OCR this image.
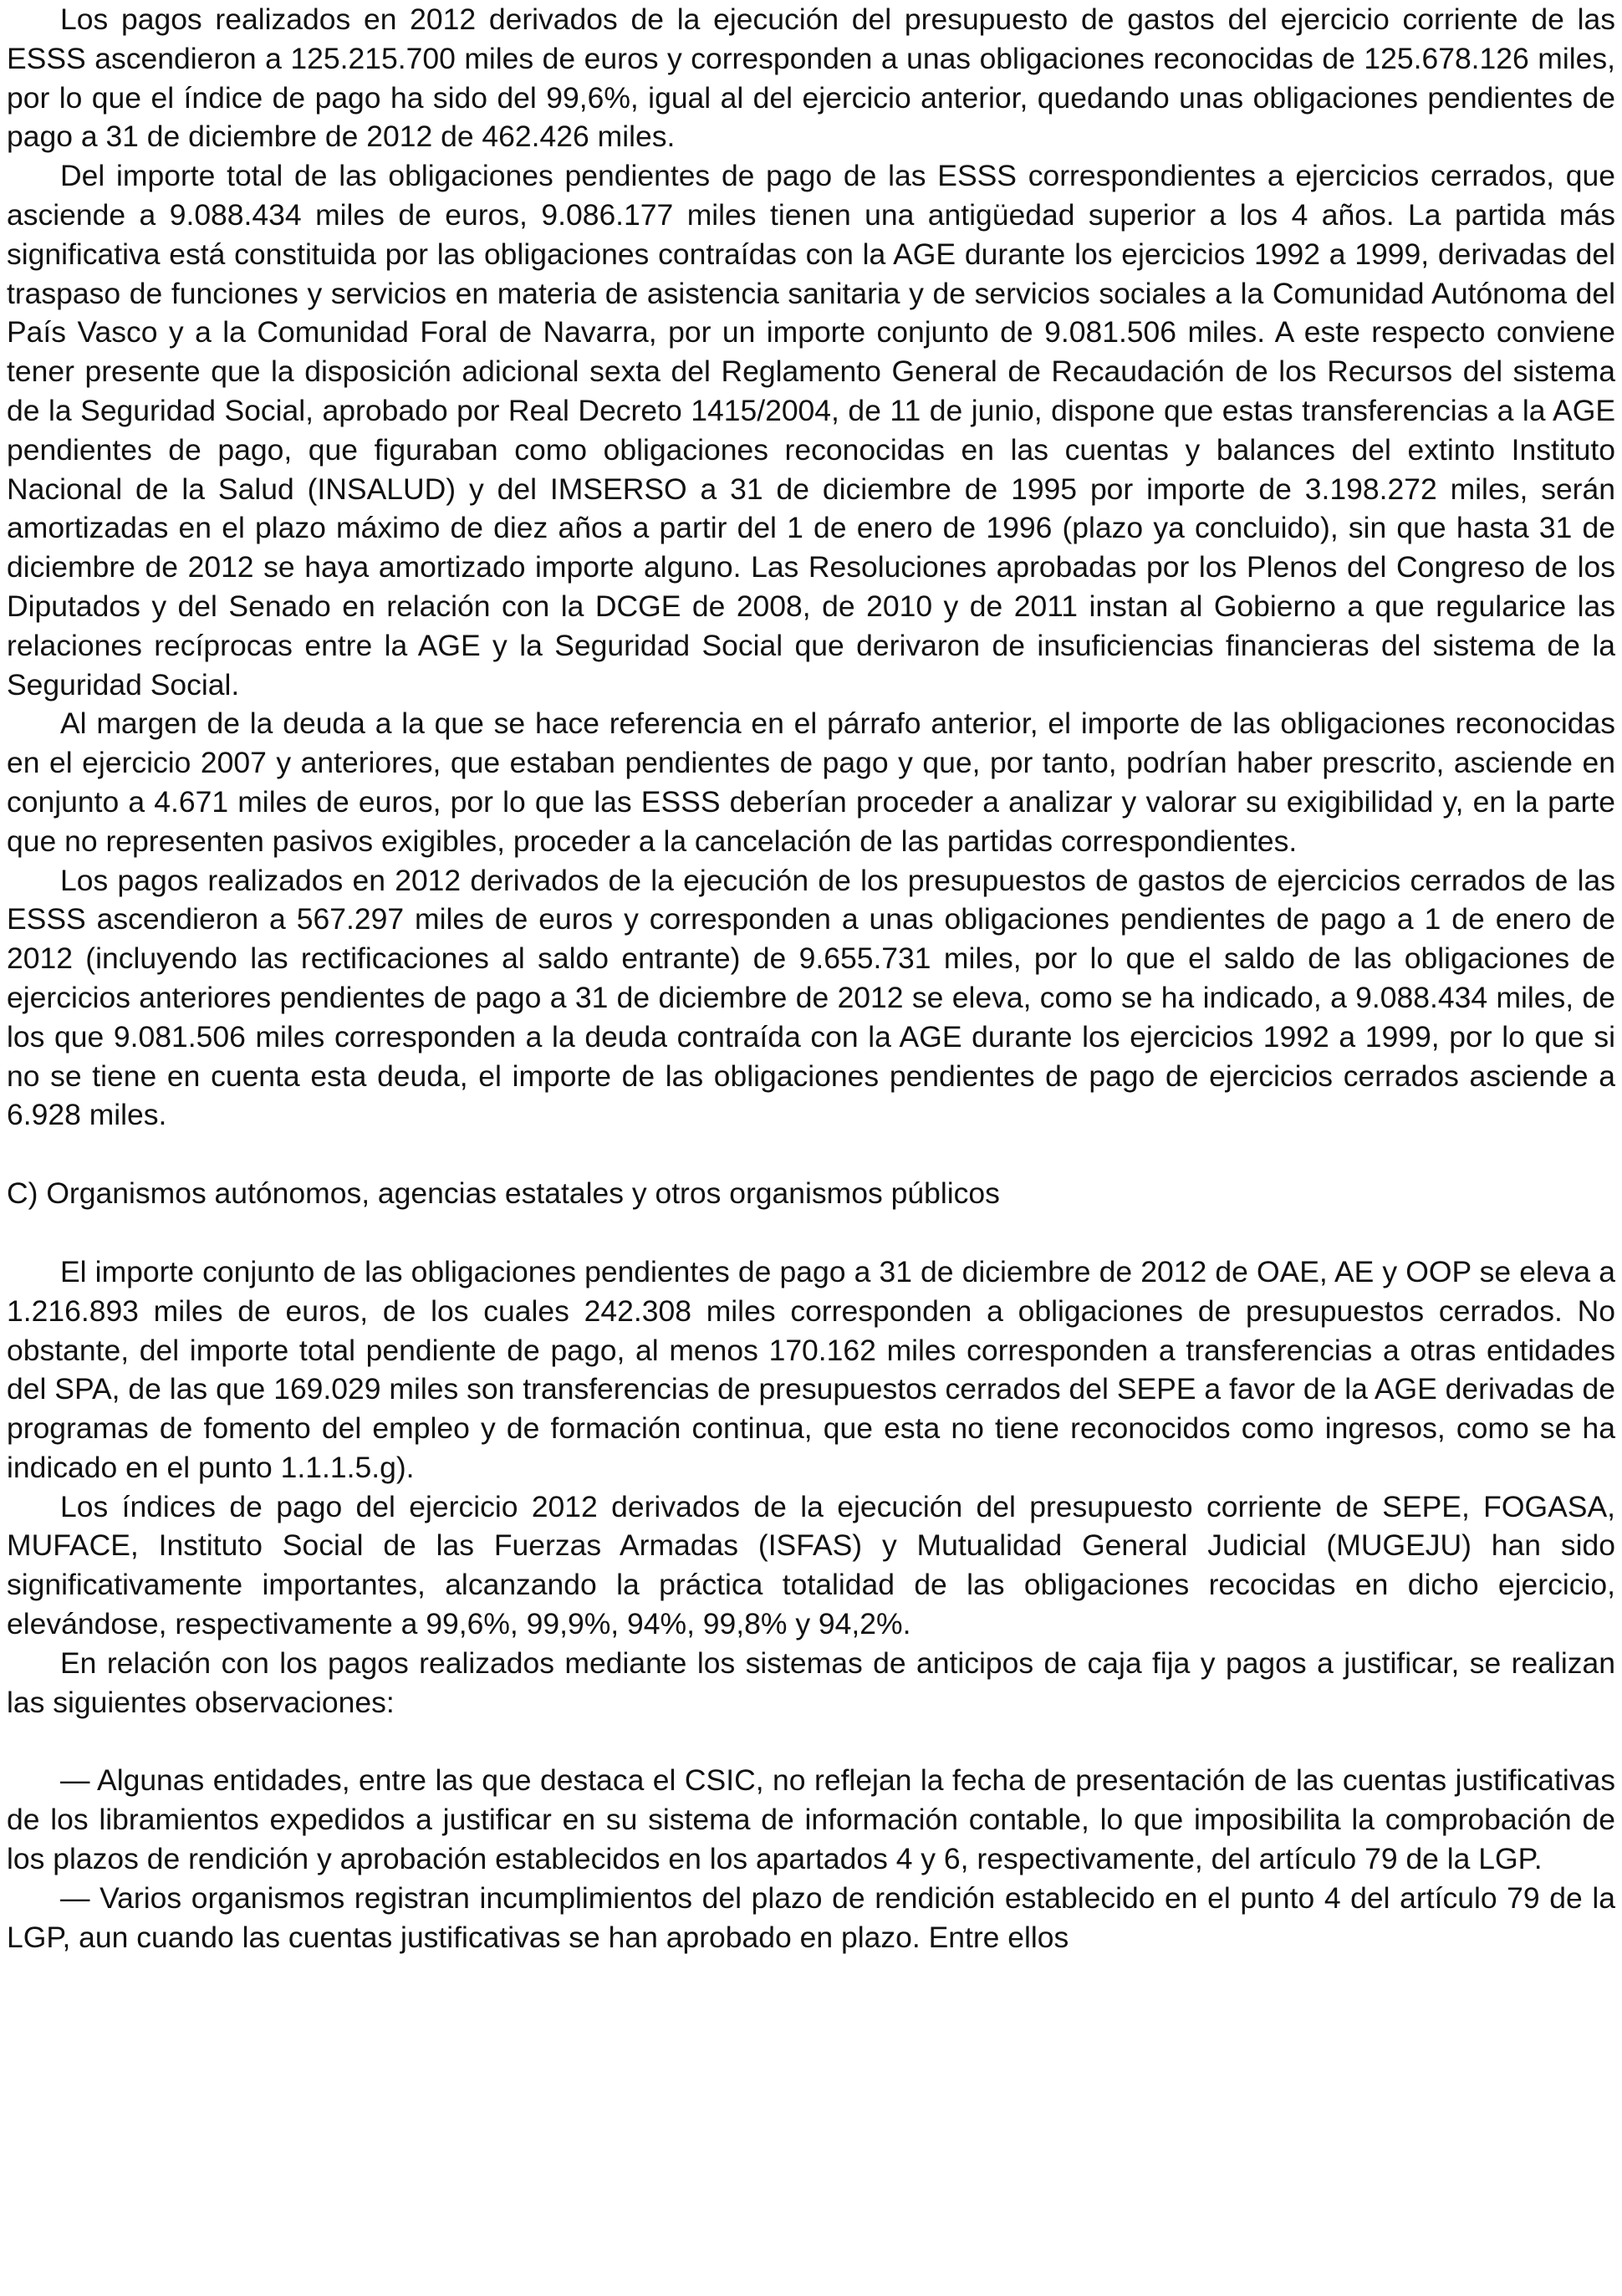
Los pagos realizados en 2012 derivados de la ejecución del presupuesto de gastos del ejercicio corriente de las ESSS ascendieron a 125.215.700 miles de euros y corresponden a unas obligaciones reconocidas de 125.678.126 miles, por lo que el índice de pago ha sido del 99,6%, igual al del ejercicio anterior, quedando unas obligaciones pendientes de pago a 31 de diciembre de 2012 de 462.426 miles.

Del importe total de las obligaciones pendientes de pago de las ESSS correspondientes a ejercicios cerrados, que asciende a 9.088.434 miles de euros, 9.086.177 miles tienen una antigüedad superior a los 4 años. La partida más significativa está constituida por las obligaciones contraídas con la AGE durante los ejercicios 1992 a 1999, derivadas del traspaso de funciones y servicios en materia de asistencia sanitaria y de servicios sociales a la Comunidad Autónoma del País Vasco y a la Comunidad Foral de Navarra, por un importe conjunto de 9.081.506 miles. A este respecto conviene tener presente que la disposición adicional sexta del Reglamento General de Recaudación de los Recursos del sistema de la Seguridad Social, aprobado por Real Decreto 1415/2004, de 11 de junio, dispone que estas transferencias a la AGE pendientes de pago, que figuraban como obligaciones reconocidas en las cuentas y balances del extinto Instituto Nacional de la Salud (INSALUD) y del IMSERSO a 31 de diciembre de 1995 por importe de 3.198.272 miles, serán amortizadas en el plazo máximo de diez años a partir del 1 de enero de 1996 (plazo ya concluido), sin que hasta 31 de diciembre de 2012 se haya amortizado importe alguno. Las Resoluciones aprobadas por los Plenos del Congreso de los Diputados y del Senado en relación con la DCGE de 2008, de 2010 y de 2011 instan al Gobierno a que regularice las relaciones recíprocas entre la AGE y la Seguridad Social que derivaron de insuficiencias financieras del sistema de la Seguridad Social.

Al margen de la deuda a la que se hace referencia en el párrafo anterior, el importe de las obligaciones reconocidas en el ejercicio 2007 y anteriores, que estaban pendientes de pago y que, por tanto, podrían haber prescrito, asciende en conjunto a 4.671 miles de euros, por lo que las ESSS deberían proceder a analizar y valorar su exigibilidad y, en la parte que no representen pasivos exigibles, proceder a la cancelación de las partidas correspondientes.

Los pagos realizados en 2012 derivados de la ejecución de los presupuestos de gastos de ejercicios cerrados de las ESSS ascendieron a 567.297 miles de euros y corresponden a unas obligaciones pendientes de pago a 1 de enero de 2012 (incluyendo las rectificaciones al saldo entrante) de 9.655.731 miles, por lo que el saldo de las obligaciones de ejercicios anteriores pendientes de pago a 31 de diciembre de 2012 se eleva, como se ha indicado, a 9.088.434 miles, de los que 9.081.506 miles corresponden a la deuda contraída con la AGE durante los ejercicios 1992 a 1999, por lo que si no se tiene en cuenta esta deuda, el importe de las obligaciones pendientes de pago de ejercicios cerrados asciende a 6.928 miles.

C) Organismos autónomos, agencias estatales y otros organismos públicos

El importe conjunto de las obligaciones pendientes de pago a 31 de diciembre de 2012 de OAE, AE y OOP se eleva a 1.216.893 miles de euros, de los cuales 242.308 miles corresponden a obligaciones de presupuestos cerrados. No obstante, del importe total pendiente de pago, al menos 170.162 miles corresponden a transferencias a otras entidades del SPA, de las que 169.029 miles son transferencias de presupuestos cerrados del SEPE a favor de la AGE derivadas de programas de fomento del empleo y de formación continua, que esta no tiene reconocidos como ingresos, como se ha indicado en el punto 1.1.1.5.g).

Los índices de pago del ejercicio 2012 derivados de la ejecución del presupuesto corriente de SEPE, FOGASA, MUFACE, Instituto Social de las Fuerzas Armadas (ISFAS) y Mutualidad General Judicial (MUGEJU) han sido significativamente importantes, alcanzando la práctica totalidad de las obligaciones recocidas en dicho ejercicio, elevándose, respectivamente a 99,6%, 99,9%, 94%, 99,8% y 94,2%.

En relación con los pagos realizados mediante los sistemas de anticipos de caja fija y pagos a justificar, se realizan las siguientes observaciones:

— Algunas entidades, entre las que destaca el CSIC, no reflejan la fecha de presentación de las cuentas justificativas de los libramientos expedidos a justificar en su sistema de información contable, lo que imposibilita la comprobación de los plazos de rendición y aprobación establecidos en los apartados 4 y 6, respectivamente, del artículo 79 de la LGP.

— Varios organismos registran incumplimientos del plazo de rendición establecido en el punto 4 del artículo 79 de la LGP, aun cuando las cuentas justificativas se han aprobado en plazo. Entre ellos
